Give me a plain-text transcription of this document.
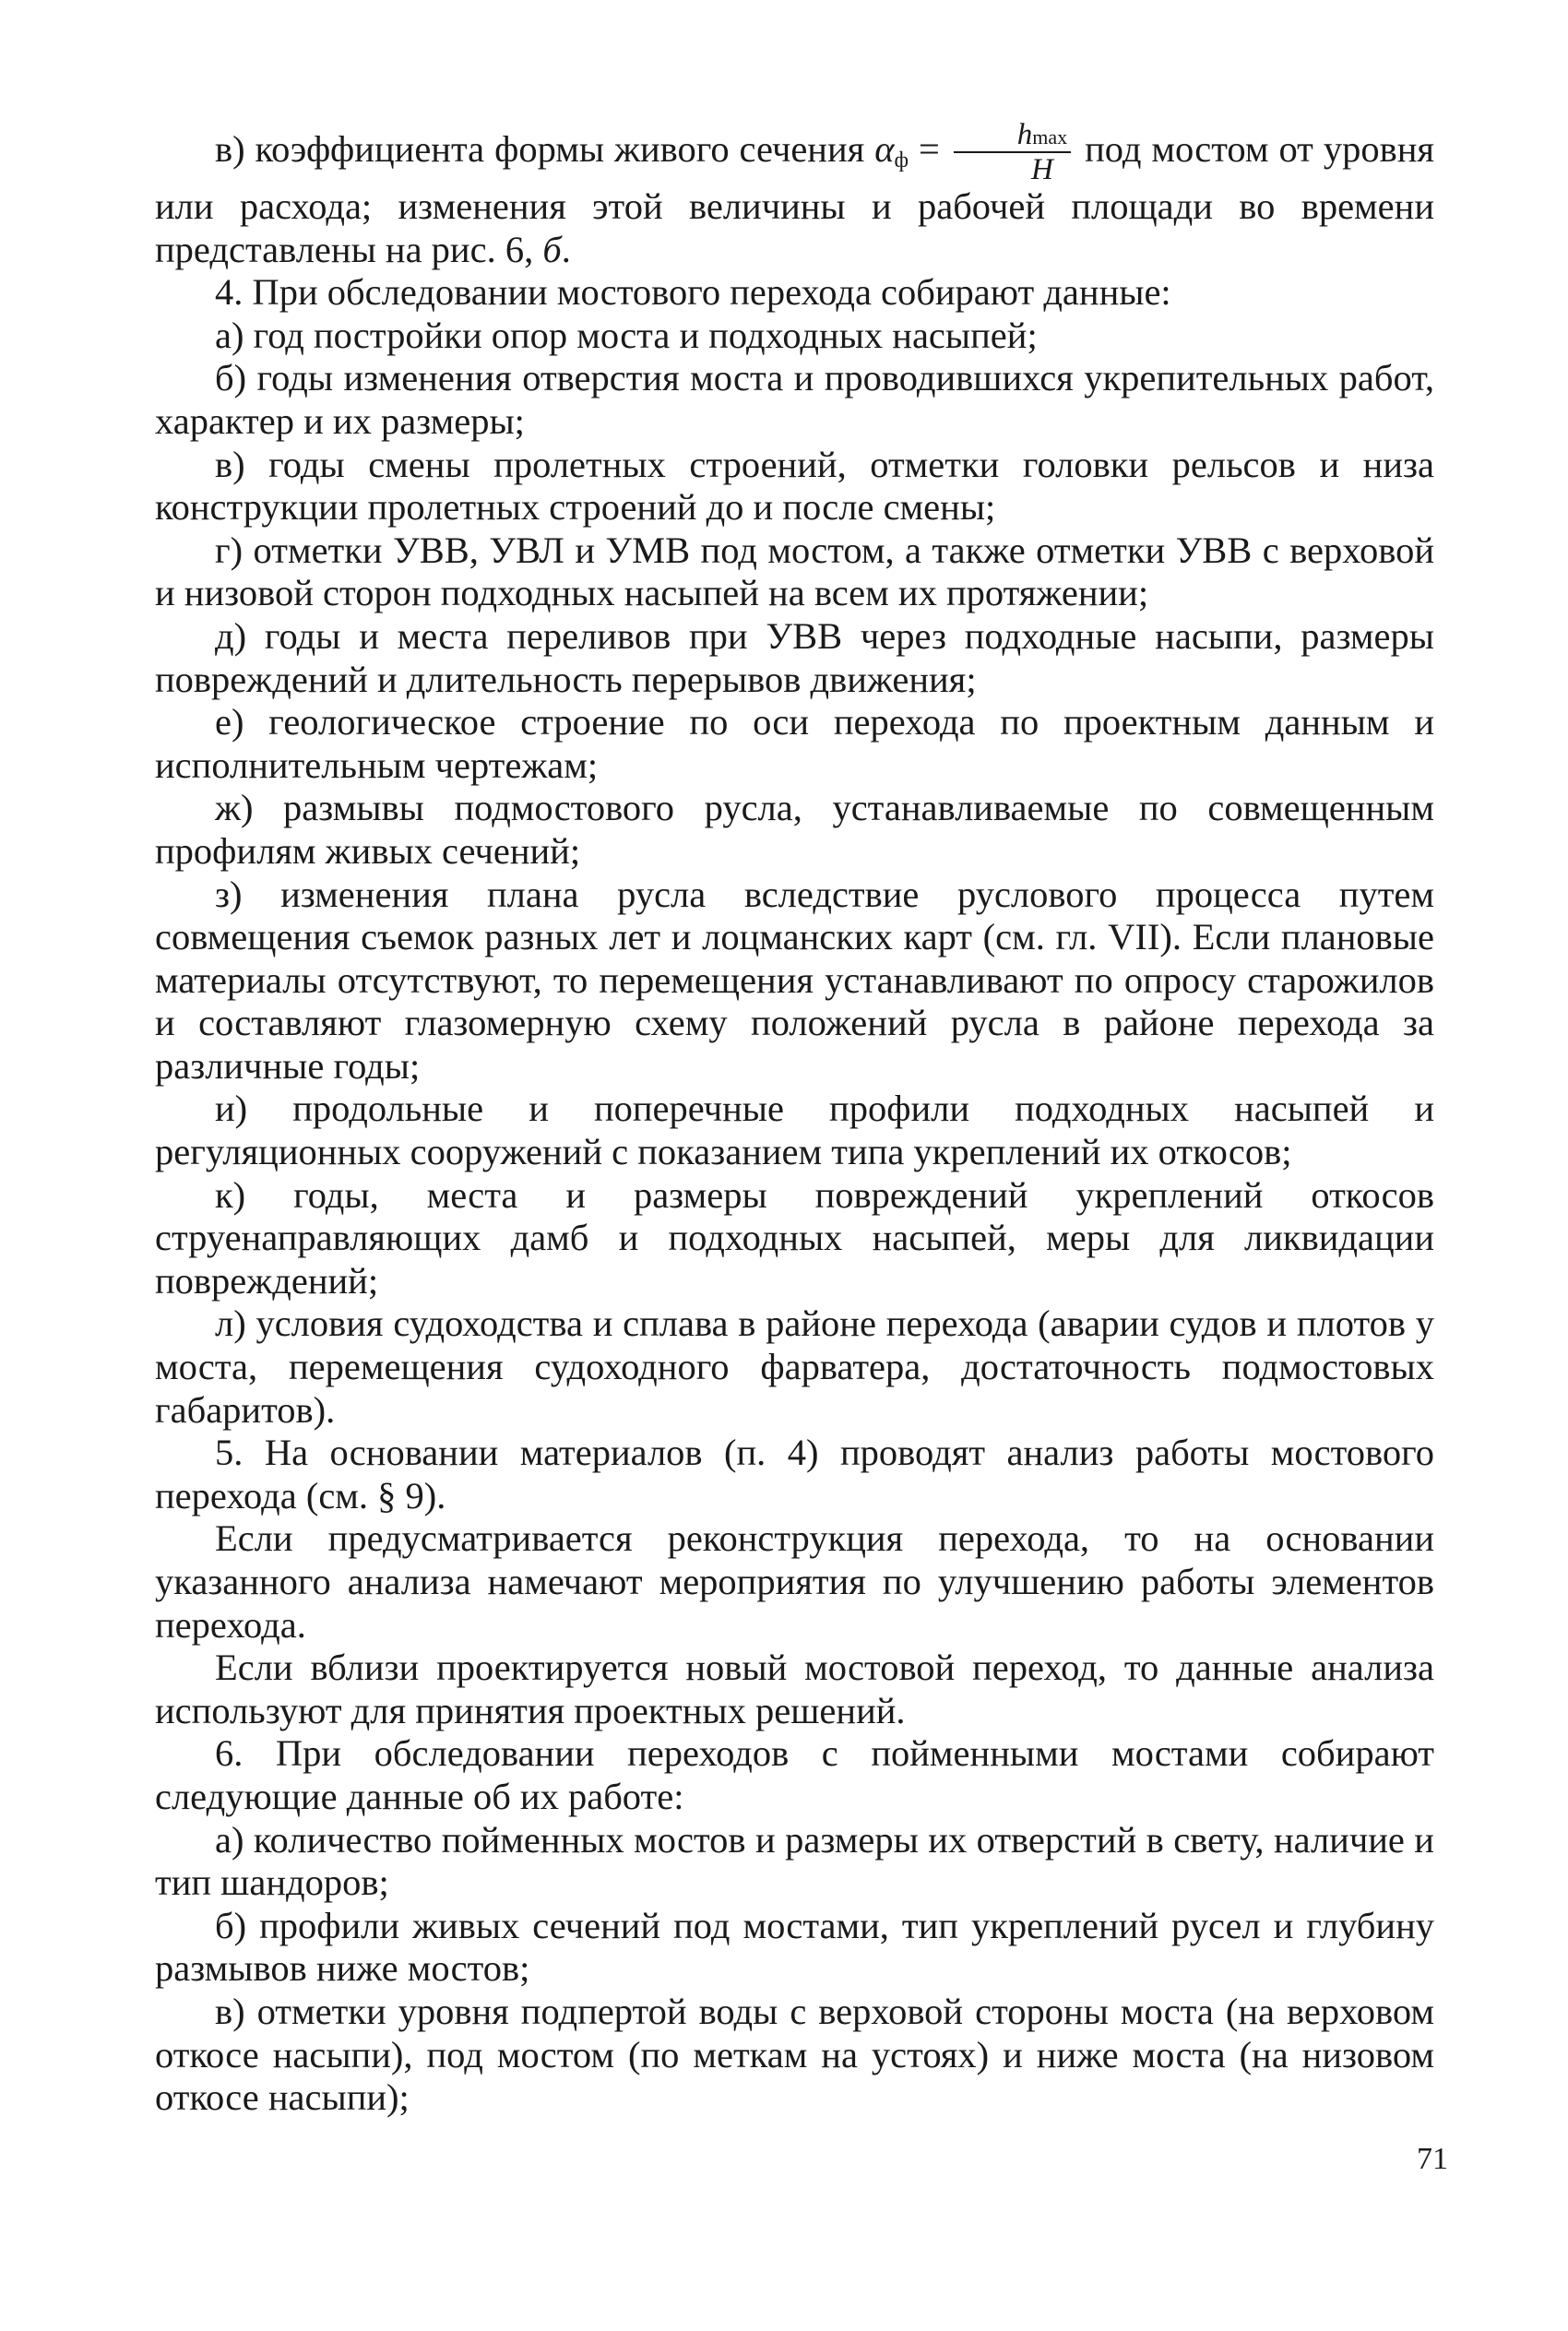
в) коэффициента формы живого сечения $\alpha_ф = \frac{hmax}{H}$ под мостом от уровня или расхода; изменения этой величины и рабочей площади во времени представлены на рис. 6, б.

4. При обследовании мостового перехода собирают данные:

а) год постройки опор моста и подходных насыпей;

б) годы изменения отверстия моста и проводившихся укрепительных работ, характер и их размеры;

в) годы смены пролетных строений, отметки головки рельсов и низа конструкции пролетных строений до и после смены;

г) отметки УВВ, УВЛ и УМВ под мостом, а также отметки УВВ с верховой и низовой сторон подходных насыпей на всем их протяжении;

д) годы и места переливов при УВВ через подходные насыпи, размеры повреждений и длительность перерывов движения;

е) геологическое строение по оси перехода по проектным данным и исполнительным чертежам;

ж) размывы подмостового русла, устанавливаемые по совмещенным профилям живых сечений;

з) изменения плана русла вследствие руслового процесса путем совмещения съемок разных лет и лоцманских карт (см. гл. VII). Если плановые материалы отсутствуют, то перемещения устанавливают по опросу старожилов и составляют глазомерную схему положений русла в районе перехода за различные годы;

и) продольные и поперечные профили подходных насыпей и регуляционных сооружений с показанием типа укреплений их откосов;

к) годы, места и размеры повреждений укреплений откосов струенаправляющих дамб и подходных насыпей, меры для ликвидации повреждений;

л) условия судоходства и сплава в районе перехода (аварии судов и плотов у моста, перемещения судоходного фарватера, достаточность подмостовых габаритов).

5. На основании материалов (п. 4) проводят анализ работы мостового перехода (см. § 9).

Если предусматривается реконструкция перехода, то на основании указанного анализа намечают мероприятия по улучшению работы элементов перехода.

Если вблизи проектируется новый мостовой переход, то данные анализа используют для принятия проектных решений.

6. При обследовании переходов с пойменными мостами собирают следующие данные об их работе:

а) количество пойменных мостов и размеры их отверстий в свету, наличие и тип шандоров;

б) профили живых сечений под мостами, тип укреплений русел и глубину размывов ниже мостов;

в) отметки уровня подпертой воды с верховой стороны моста (на верховом откосе насыпи), под мостом (по меткам на устоях) и ниже моста (на низовом откосе насыпи);

71
